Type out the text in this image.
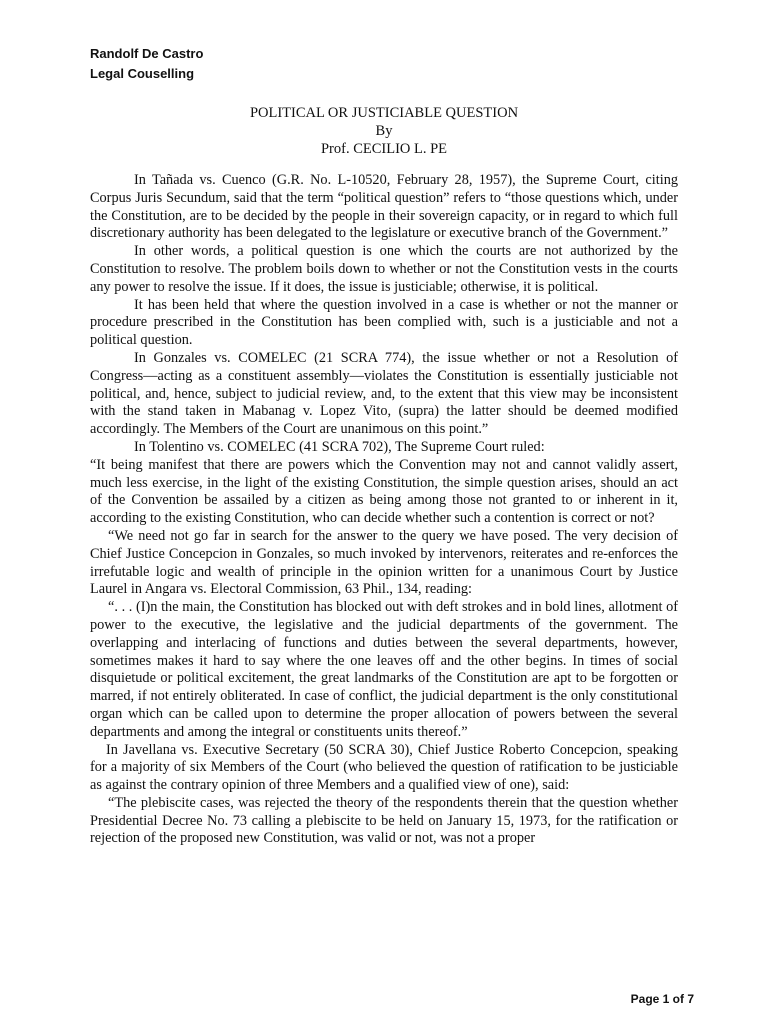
Randolf De Castro

Legal Couselling

POLITICAL OR JUSTICIABLE QUESTION
By
Prof. CECILIO L. PE

In Tañada vs. Cuenco (G.R. No. L-10520, February 28, 1957), the Supreme Court, citing Corpus Juris Secundum, said that the term “political question” refers to “those questions which, under the Constitution, are to be decided by the people in their sovereign capacity, or in regard to which full discretionary authority has been delegated to the legislature or executive branch of the Government.”

In other words, a political question is one which the courts are not authorized by the Constitution to resolve. The problem boils down to whether or not the Constitution vests in the courts any power to resolve the issue. If it does, the issue is justiciable; otherwise, it is political.

It has been held that where the question involved in a case is whether or not the manner or procedure prescribed in the Constitution has been complied with, such is a justiciable and not a political question.

In Gonzales vs. COMELEC (21 SCRA 774), the issue whether or not a Resolution of Congress—acting as a constituent assembly—violates the Constitution is essentially justiciable not political, and, hence, subject to judicial review, and, to the extent that this view may be inconsistent with the stand taken in Mabanag v. Lopez Vito, (supra) the latter should be deemed modified accordingly. The Members of the Court are unanimous on this point.”

In Tolentino vs. COMELEC (41 SCRA 702), The Supreme Court ruled:

“It being manifest that there are powers which the Convention may not and cannot validly assert, much less exercise, in the light of the existing Constitution, the simple question arises, should an act of the Convention be assailed by a citizen as being among those not granted to or inherent in it, according to the existing Constitution, who can decide whether such a contention is correct or not?

“We need not go far in search for the answer to the query we have posed. The very decision of Chief Justice Concepcion in Gonzales, so much invoked by intervenors, reiterates and re-enforces the irrefutable logic and wealth of principle in the opinion written for a unanimous Court by Justice Laurel in Angara vs. Electoral Commission, 63 Phil., 134, reading:

“. . . (I)n the main, the Constitution has blocked out with deft strokes and in bold lines, allotment of power to the executive, the legislative and the judicial departments of the government. The overlapping and interlacing of functions and duties between the several departments, however, sometimes makes it hard to say where the one leaves off and the other begins. In times of social disquietude or political excitement, the great landmarks of the Constitution are apt to be forgotten or marred, if not entirely obliterated. In case of conflict, the judicial department is the only constitutional organ which can be called upon to determine the proper allocation of powers between the several departments and among the integral or constituents units thereof.”

In Javellana vs. Executive Secretary (50 SCRA 30), Chief Justice Roberto Concepcion, speaking for a majority of six Members of the Court (who believed the question of ratification to be justiciable as against the contrary opinion of three Members and a qualified view of one), said:

“The plebiscite cases, was rejected the theory of the respondents therein that the question whether Presidential Decree No. 73 calling a plebiscite to be held on January 15, 1973, for the ratification or rejection of the proposed new Constitution, was valid or not, was not a proper

Page 1 of 7
